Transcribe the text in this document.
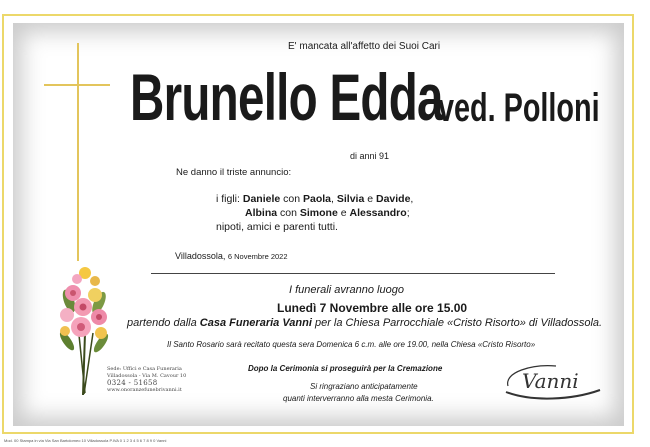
E' mancata all'affetto dei Suoi Cari
Brunello Edda
ved. Polloni
di anni 91
Ne danno il triste annuncio:
i figli: Daniele con Paola, Silvia e Davide,
Albina con Simone e Alessandro;
nipoti, amici e parenti tutti.
Villadossola, 6 Novembre 2022
I funerali avranno luogo
Lunedì 7 Novembre alle ore 15.00
partendo dalla Casa Funeraria Vanni per la Chiesa Parrocchiale «Cristo Risorto» di Villadossola.
Il Santo Rosario sarà recitato questa sera Domenica 6 c.m. alle ore 19.00, nella Chiesa «Cristo Risorto»
Dopo la Cerimonia si proseguirà per la Cremazione
Si ringraziano anticipatamente
quanti interverranno alla mesta Cerimonia.
Sede: Uffici e Casa Funeraria
Villadossola - Via M. Cavour 10
0324 - 51658
www.onoranzefunebrivanni.it	Vanni
Mod. 00 Stampa in via Via San Bartolomeo 10 Villadossola P.IVA 0 1 2 3 4 5 6 7 8 9 0 Vanni
